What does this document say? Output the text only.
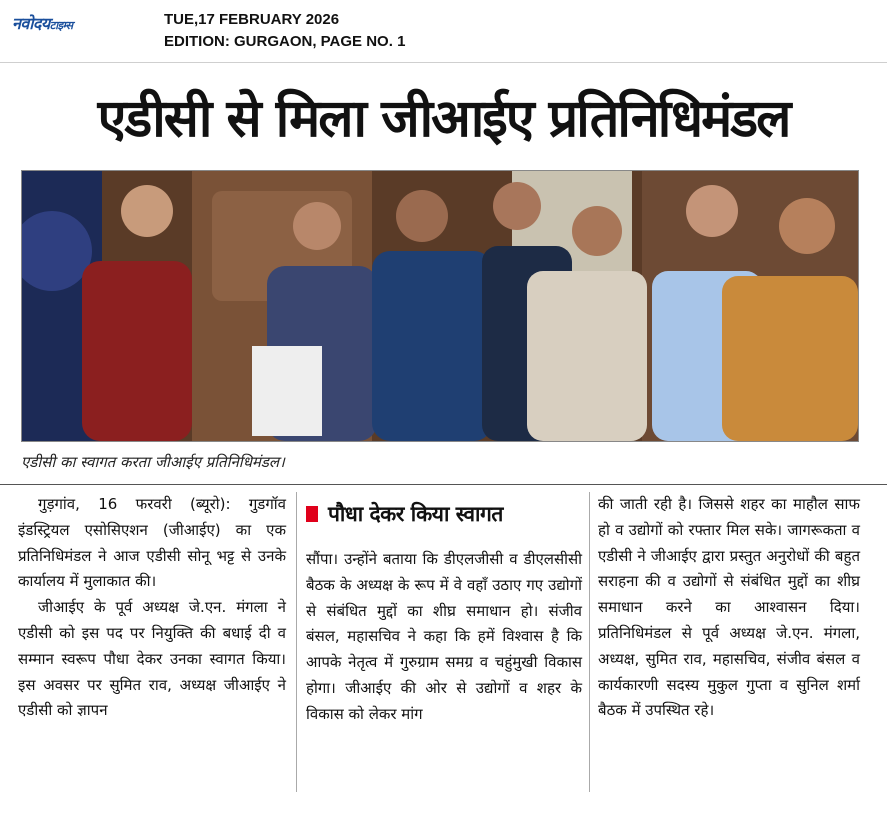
नवोदयटाइम्स	TUE,17 FEBRUARY 2026
EDITION: GURGAON, PAGE NO. 1
एडीसी से मिला जीआईए प्रतिनिधिमंडल
एडीसी का स्वागत करता जीआईए प्रतिनिधिमंडल।

गुड़गांव, 16 फरवरी (ब्यूरो): गुडगॉव इंडस्ट्रियल एसोसिएशन (जीआईए) का एक प्रतिनिधिमंडल ने आज एडीसी सोनू भट्ट से उनके कार्यालय में मुलाकात की।

जीआईए के पूर्व अध्यक्ष जे.एन. मंगला ने एडीसी को इस पद पर नियुक्ति की बधाई दी व सम्मान स्वरूप पौधा देकर उनका स्वागत किया। इस अवसर पर सुमित राव, अध्यक्ष जीआईए ने एडीसी को ज्ञापन

पौधा देकर किया स्वागत

सौंपा। उन्होंने बताया कि डीएलजीसी व डीएलसीसी बैठक के अध्यक्ष के रूप में वे वहाँ उठाए गए उद्योगों से संबंधित मुद्दों का शीघ्र समाधान हो। संजीव बंसल, महासचिव ने कहा कि हमें विश्वास है कि आपके नेतृत्व में गुरुग्राम समग्र व चहुंमुखी विकास होगा। जीआईए की ओर से उद्योगों व शहर के विकास को लेकर मांग

की जाती रही है। जिससे शहर का माहौल साफ हो व उद्योगों को रफ्तार मिल सके। जागरूकता व एडीसी ने जीआईए द्वारा प्रस्तुत अनुरोधों की बहुत सराहना की व उद्योगों से संबंधित मुद्दों का शीघ्र समाधान करने का आश्वासन दिया। प्रतिनिधिमंडल से पूर्व अध्यक्ष जे.एन. मंगला, अध्यक्ष, सुमित राव, महासचिव, संजीव बंसल व कार्यकारणी सदस्य मुकुल गुप्ता व सुनिल शर्मा बैठक में उपस्थित रहे।
